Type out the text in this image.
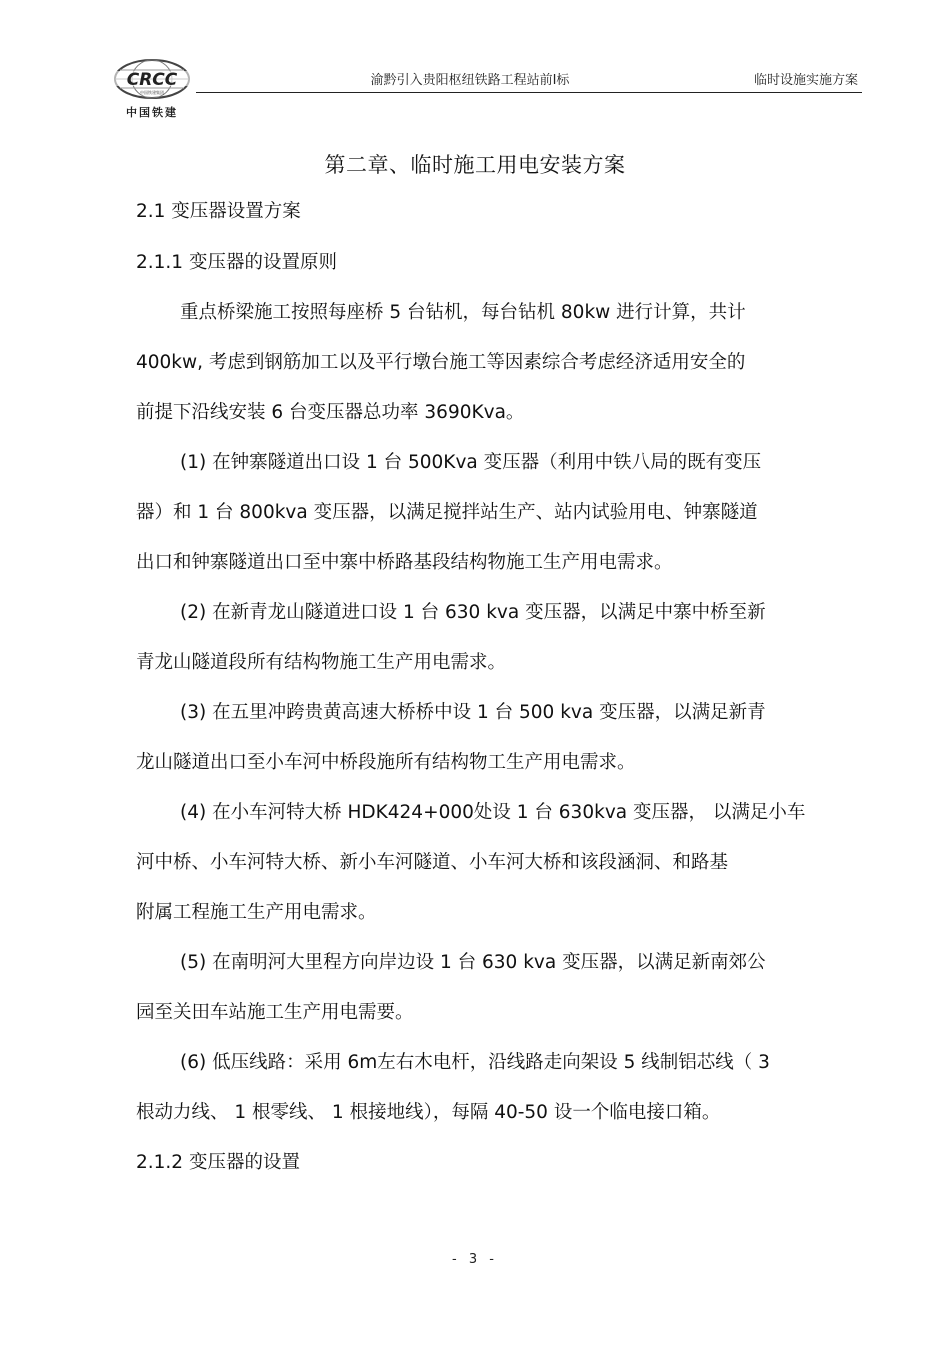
CRCC
中国铁建集团
中国铁建
渝黔引入贵阳枢纽铁路工程站前Ⅰ标	临时设施实施方案
第二章、临时施工用电安装方案
2.1 变压器设置方案
2.1.1 变压器的设置原则
重点桥梁施工按照每座桥 5 台钻机，每台钻机 80kw 进行计算，共计
400kw, 考虑到钢筋加工以及平行墩台施工等因素综合考虑经济适用安全的
前提下沿线安装 6 台变压器总功率 3690Kva。
(1) 在钟寨隧道出口设 1 台 500Kva 变压器（利用中铁八局的既有变压
器）和 1 台 800kva 变压器，以满足搅拌站生产、站内试验用电、钟寨隧道
出口和钟寨隧道出口至中寨中桥路基段结构物施工生产用电需求。
(2) 在新青龙山隧道进口设 1 台 630 kva 变压器，以满足中寨中桥至新
青龙山隧道段所有结构物施工生产用电需求。
(3) 在五里冲跨贵黄高速大桥桥中设 1 台 500 kva 变压器，以满足新青
龙山隧道出口至小车河中桥段施所有结构物工生产用电需求。
(4) 在小车河特大桥 HDK424+000处设 1 台 630kva 变压器， 以满足小车
河中桥、小车河特大桥、新小车河隧道、小车河大桥和该段涵洞、和路基
附属工程施工生产用电需求。
(5) 在南明河大里程方向岸边设 1 台 630 kva 变压器，以满足新南郊公
园至关田车站施工生产用电需要。
(6) 低压线路：采用 6m左右木电杆，沿线路走向架设 5 线制铝芯线（ 3
根动力线、 1 根零线、 1 根接地线），每隔 40-50 设一个临电接口箱。
2.1.2 变压器的设置
- 3 -
